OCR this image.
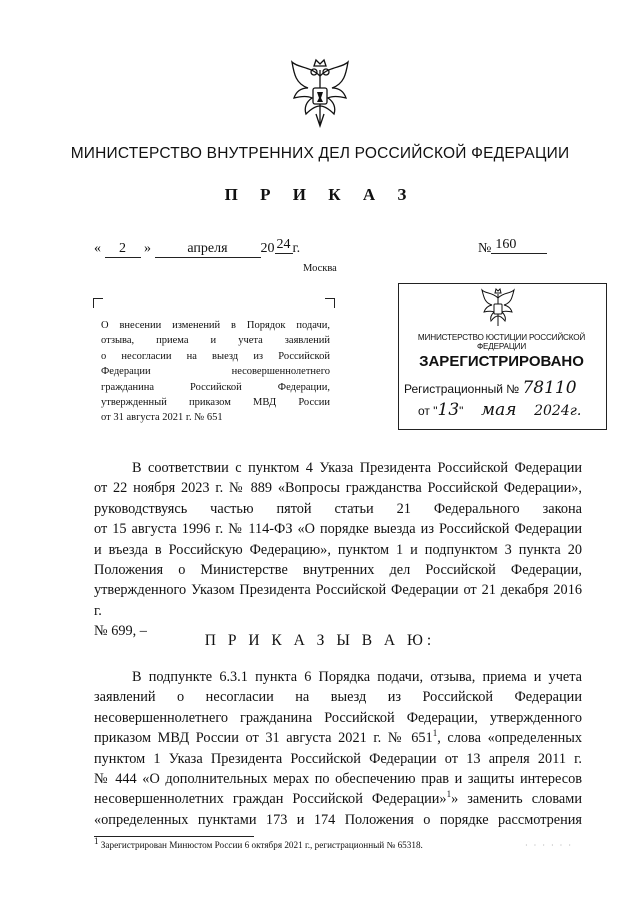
МИНИСТЕРСТВО ВНУТРЕННИХ ДЕЛ РОССИЙСКОЙ ФЕДЕРАЦИИ
П Р И К А З
« 2 »	апреля 20 24 г.	№ 160
Москва
О внесении изменений в Порядок подачи,
отзыва, приема и учета заявлений
о несогласии на выезд из Российской
Федерации несовершеннолетнего
гражданина Российской Федерации,
утвержденный приказом МВД России
от 31 августа 2021 г. № 651
МИНИСТЕРСТВО ЮСТИЦИИ РОССИЙСКОЙ ФЕДЕРАЦИИ
ЗАРЕГИСТРИРОВАНО
Регистрационный № 78110
от "13" мая 2024г.

В соответствии с пунктом 4 Указа Президента Российской Федерации
от 22 ноября 2023 г. № 889 «Вопросы гражданства Российской Федерации»,
руководствуясь частью пятой статьи 21 Федерального закона
от 15 августа 1996 г. № 114-ФЗ «О порядке выезда из Российской Федерации
и въезда в Российскую Федерацию», пунктом 1 и подпунктом 3 пункта 20
Положения о Министерстве внутренних дел Российской Федерации,
утвержденного Указом Президента Российской Федерации от 21 декабря 2016 г.
№ 699, –

П Р И К А З Ы В А Ю:

В подпункте 6.3.1 пункта 6 Порядка подачи, отзыва, приема и учета
заявлений о несогласии на выезд из Российской Федерации
несовершеннолетнего гражданина Российской Федерации, утвержденного
приказом МВД России от 31 августа 2021 г. № $651^1$, слова «определенных
пунктом 1 Указа Президента Российской Федерации от 13 апреля 2011 г.
№ 444 «О дополнительных мерах по обеспечению прав и защиты интересов
несовершеннолетних граждан Российской Федерации»$^1$» заменить словами
«определенных пунктами 173 и 174 Положения о порядке рассмотрения

$^1$ Зарегистрирован Минюстом России 6 октября 2021 г., регистрационный № 65318.	· · · · · ·
